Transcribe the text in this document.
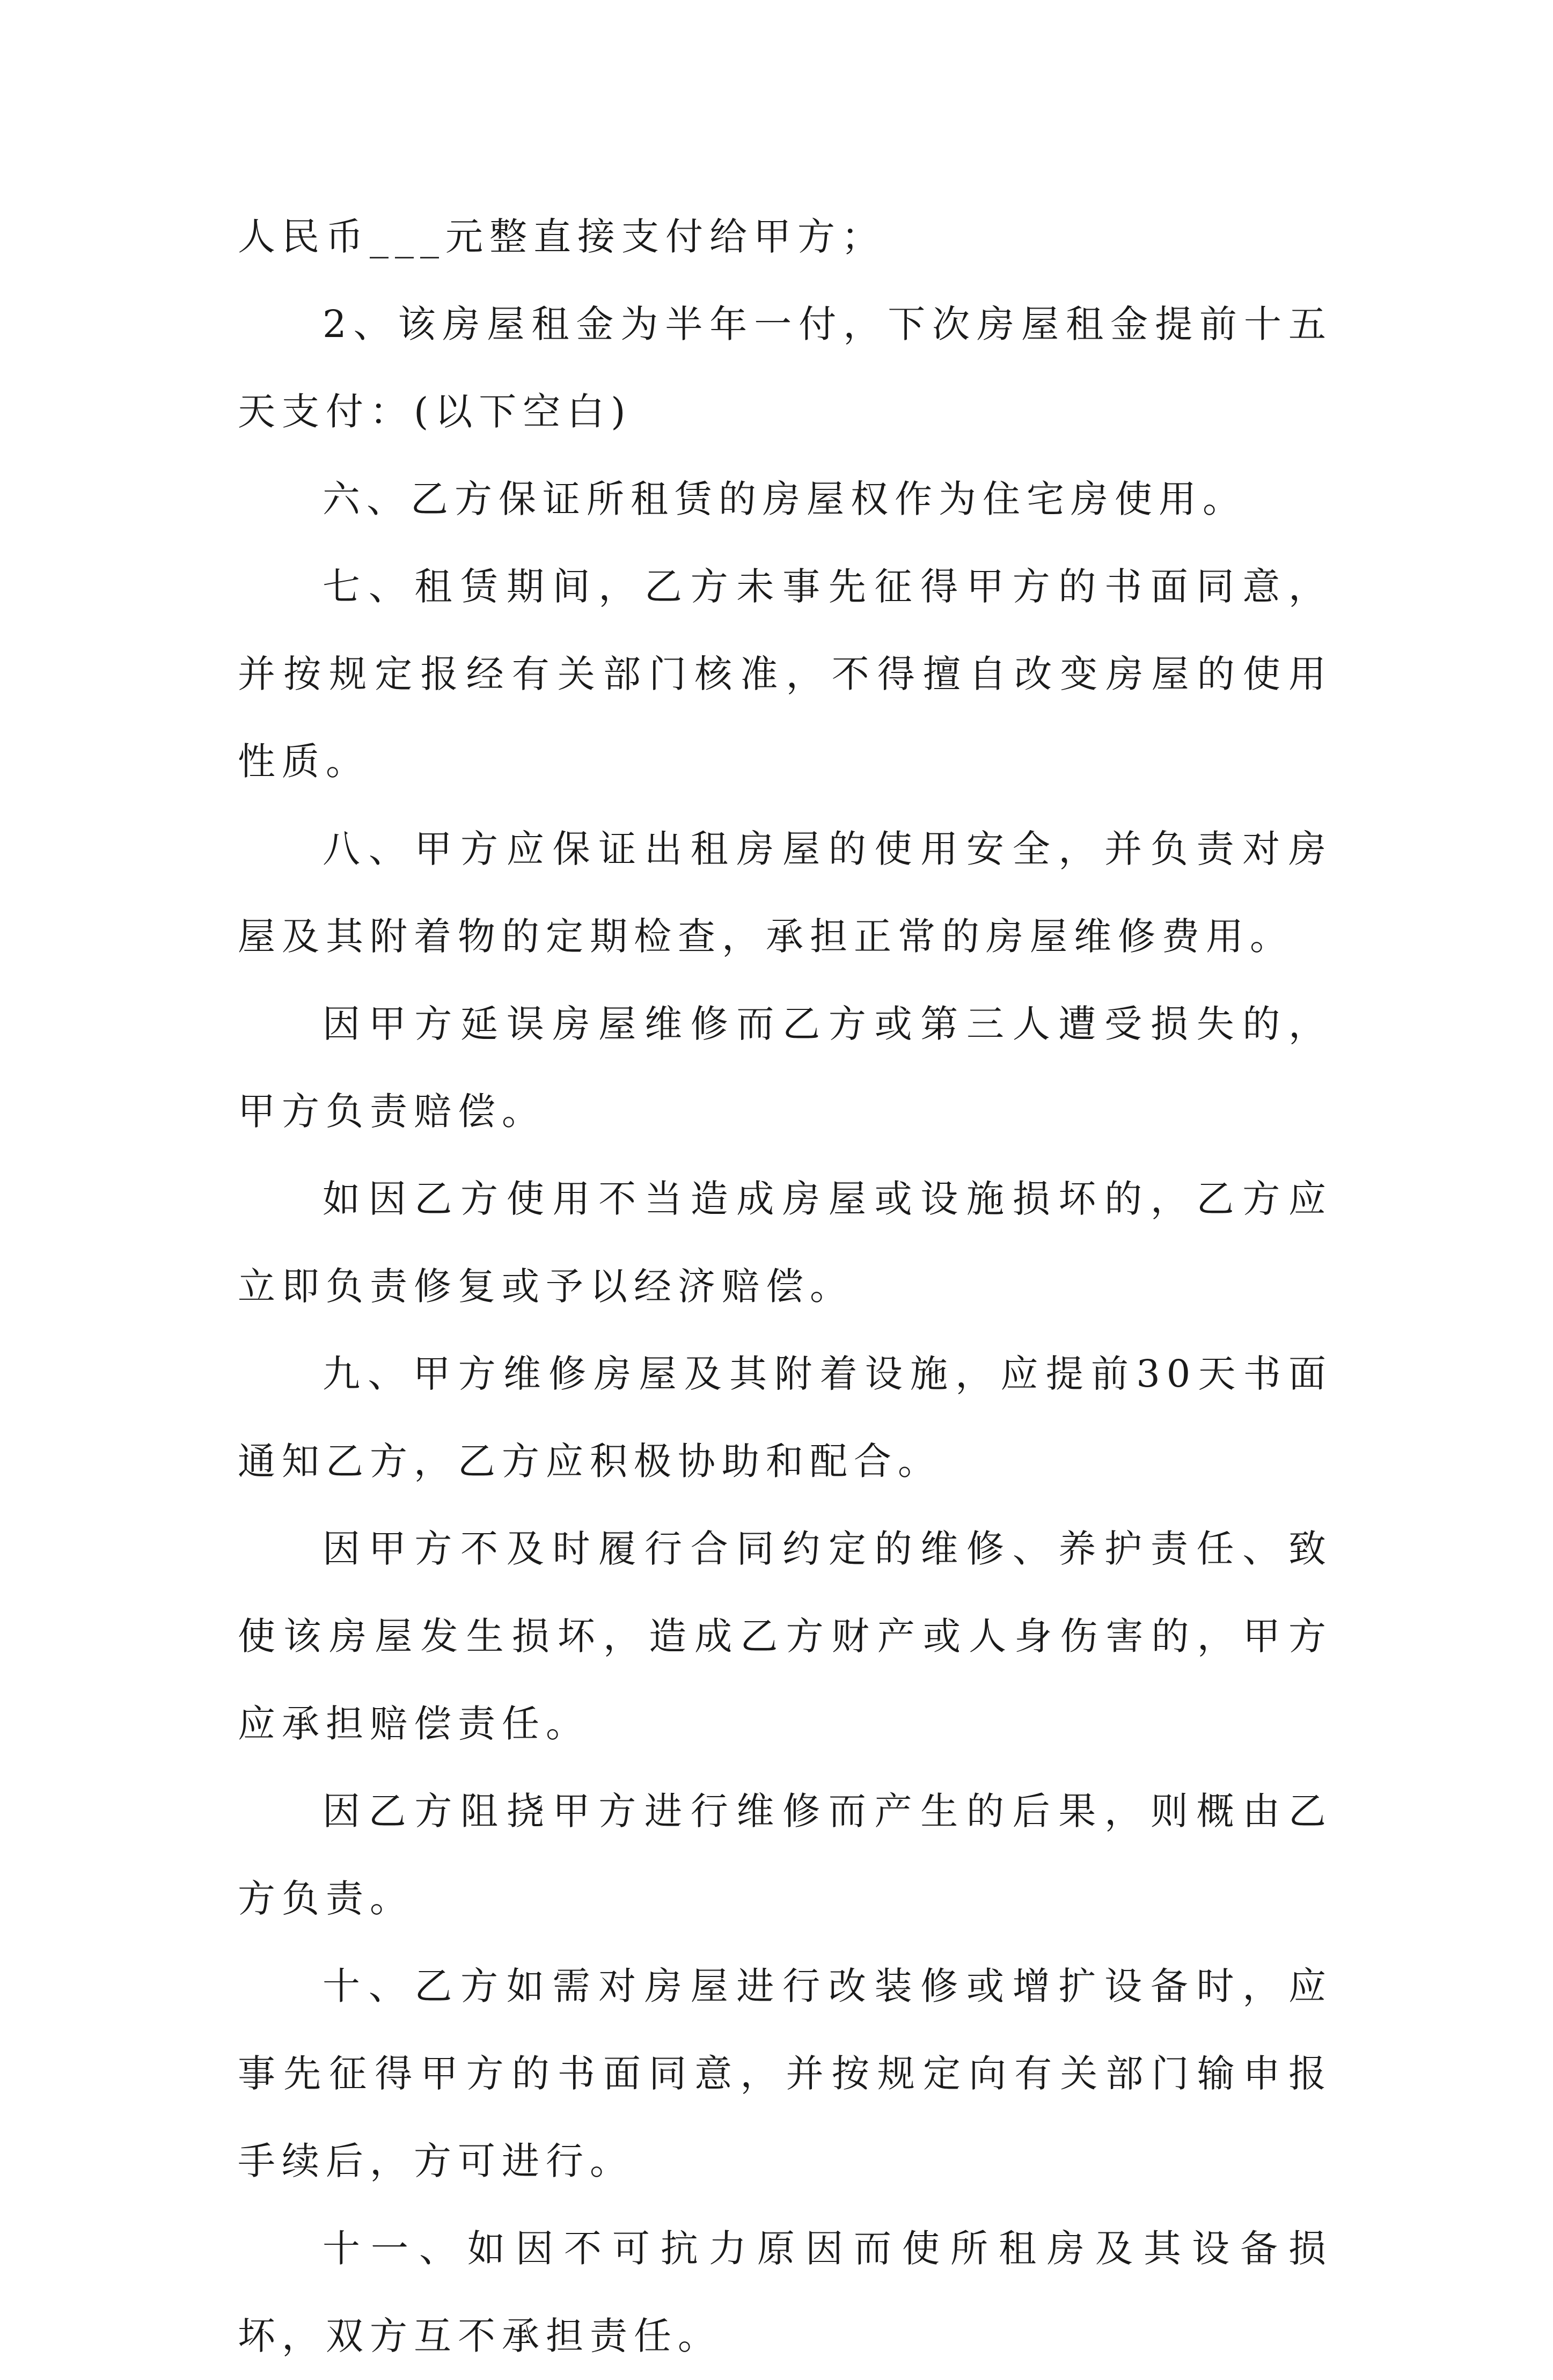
人民币___元整直接支付给甲方；

2、该房屋租金为半年一付，下次房屋租金提前十五天支付：(以下空白)

六、乙方保证所租赁的房屋权作为住宅房使用。

七、租赁期间，乙方未事先征得甲方的书面同意，并按规定报经有关部门核准，不得擅自改变房屋的使用性质。

八、甲方应保证出租房屋的使用安全，并负责对房屋及其附着物的定期检查，承担正常的房屋维修费用。

因甲方延误房屋维修而乙方或第三人遭受损失的，甲方负责赔偿。

如因乙方使用不当造成房屋或设施损坏的，乙方应立即负责修复或予以经济赔偿。

九、甲方维修房屋及其附着设施，应提前30天书面通知乙方，乙方应积极协助和配合。

因甲方不及时履行合同约定的维修、养护责任、致使该房屋发生损坏，造成乙方财产或人身伤害的，甲方应承担赔偿责任。

因乙方阻挠甲方进行维修而产生的后果，则概由乙方负责。

十、乙方如需对房屋进行改装修或增扩设备时，应事先征得甲方的书面同意，并按规定向有关部门输申报手续后，方可进行。

十一、如因不可抗力原因而使所租房及其设备损坏，双方互不承担责任。
